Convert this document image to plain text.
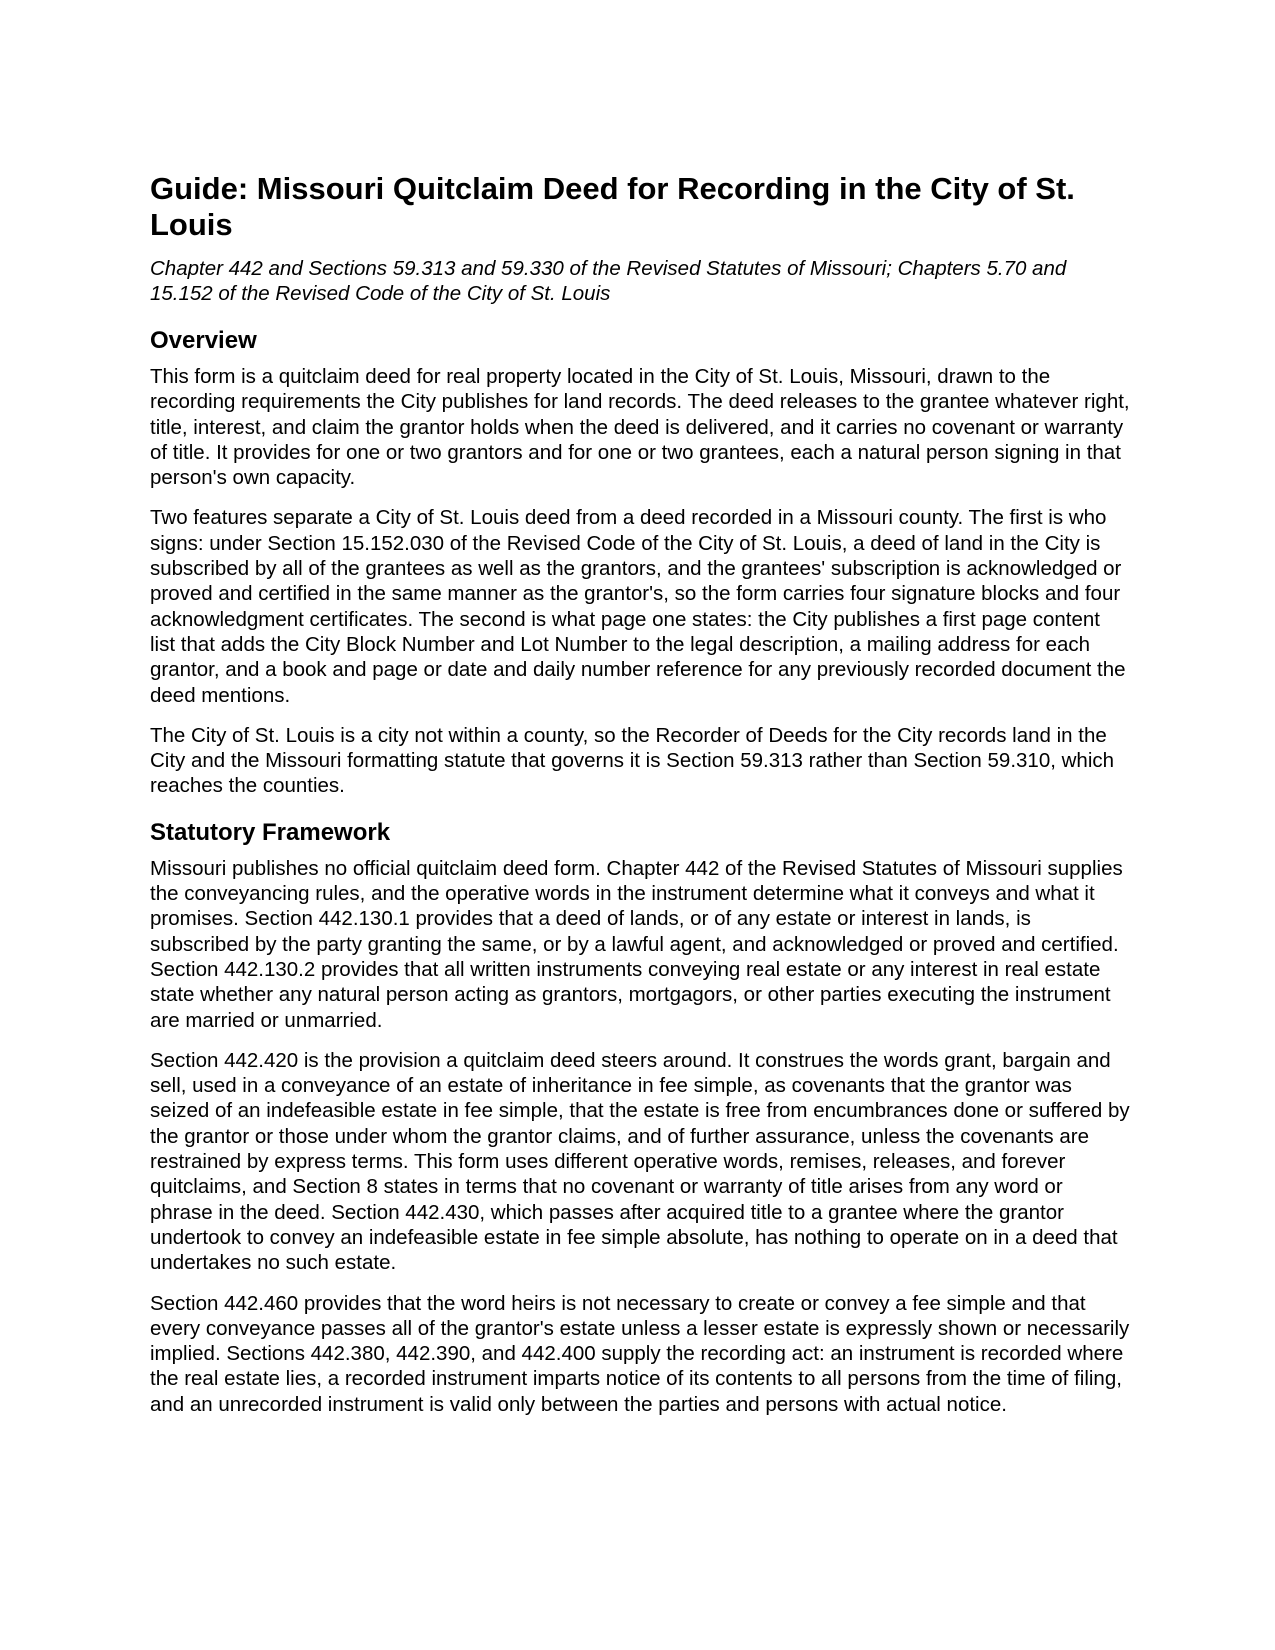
Guide: Missouri Quitclaim Deed for Recording in the City of St. Louis
Chapter 442 and Sections 59.313 and 59.330 of the Revised Statutes of Missouri; Chapters 5.70 and 15.152 of the Revised Code of the City of St. Louis
Overview

This form is a quitclaim deed for real property located in the City of St. Louis, Missouri, drawn to the recording requirements the City publishes for land records. The deed releases to the grantee whatever right, title, interest, and claim the grantor holds when the deed is delivered, and it carries no covenant or warranty of title. It provides for one or two grantors and for one or two grantees, each a natural person signing in that person's own capacity.

Two features separate a City of St. Louis deed from a deed recorded in a Missouri county. The first is who signs: under Section 15.152.030 of the Revised Code of the City of St. Louis, a deed of land in the City is subscribed by all of the grantees as well as the grantors, and the grantees' subscription is acknowledged or proved and certified in the same manner as the grantor's, so the form carries four signature blocks and four acknowledgment certificates. The second is what page one states: the City publishes a first page content list that adds the City Block Number and Lot Number to the legal description, a mailing address for each grantor, and a book and page or date and daily number reference for any previously recorded document the deed mentions.

The City of St. Louis is a city not within a county, so the Recorder of Deeds for the City records land in the City and the Missouri formatting statute that governs it is Section 59.313 rather than Section 59.310, which reaches the counties.

Statutory Framework

Missouri publishes no official quitclaim deed form. Chapter 442 of the Revised Statutes of Missouri supplies the conveyancing rules, and the operative words in the instrument determine what it conveys and what it promises. Section 442.130.1 provides that a deed of lands, or of any estate or interest in lands, is subscribed by the party granting the same, or by a lawful agent, and acknowledged or proved and certified. Section 442.130.2 provides that all written instruments conveying real estate or any interest in real estate state whether any natural person acting as grantors, mortgagors, or other parties executing the instrument are married or unmarried.

Section 442.420 is the provision a quitclaim deed steers around. It construes the words grant, bargain and sell, used in a conveyance of an estate of inheritance in fee simple, as covenants that the grantor was seized of an indefeasible estate in fee simple, that the estate is free from encumbrances done or suffered by the grantor or those under whom the grantor claims, and of further assurance, unless the covenants are restrained by express terms. This form uses different operative words, remises, releases, and forever quitclaims, and Section 8 states in terms that no covenant or warranty of title arises from any word or phrase in the deed. Section 442.430, which passes after acquired title to a grantee where the grantor undertook to convey an indefeasible estate in fee simple absolute, has nothing to operate on in a deed that undertakes no such estate.

Section 442.460 provides that the word heirs is not necessary to create or convey a fee simple and that every conveyance passes all of the grantor's estate unless a lesser estate is expressly shown or necessarily implied. Sections 442.380, 442.390, and 442.400 supply the recording act: an instrument is recorded where the real estate lies, a recorded instrument imparts notice of its contents to all persons from the time of filing, and an unrecorded instrument is valid only between the parties and persons with actual notice.
